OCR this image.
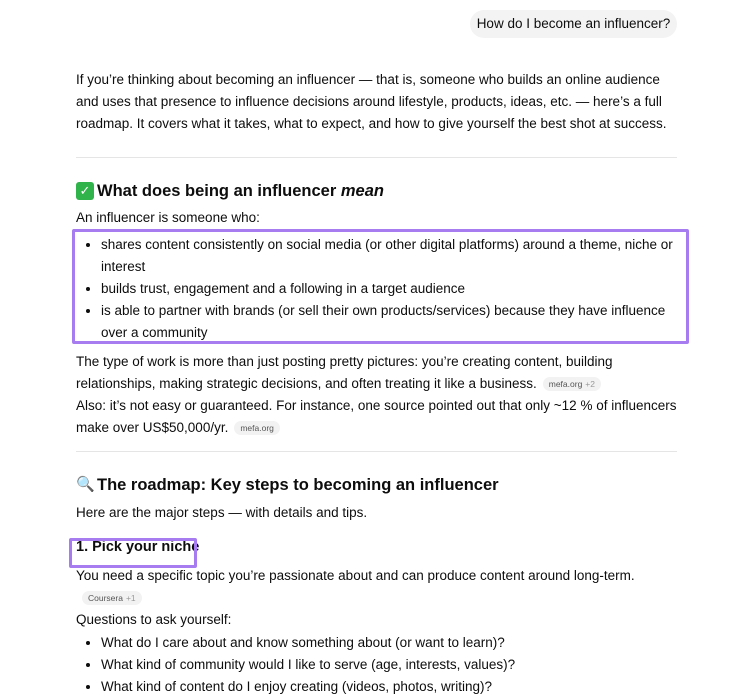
How do I become an influencer?

If you’re thinking about becoming an influencer — that is, someone who builds an online audience and uses that presence to influence decisions around lifestyle, products, ideas, etc. — here’s a full roadmap. It covers what it takes, what to expect, and how to give yourself the best shot at success.

✓ What does being an influencer mean

An influencer is someone who:

• shares content consistently on social media (or other digital platforms) around a theme, niche or interest
• builds trust, engagement and a following in a target audience
• is able to partner with brands (or sell their own products/services) because they have influence over a community

The type of work is more than just posting pretty pictures: you’re creating content, building relationships, making strategic decisions, and often treating it like a business. mefa.org +2

Also: it’s not easy or guaranteed. For instance, one source pointed out that only ~12 % of influencers make over US$50,000/yr. mefa.org

🔍 The roadmap: Key steps to becoming an influencer

Here are the major steps — with details and tips.

1. Pick your niche

You need a specific topic you’re passionate about and can produce content around long-term.Coursera +1

Questions to ask yourself:

• What do I care about and know something about (or want to learn)?
• What kind of community would I like to serve (age, interests, values)?
• What kind of content do I enjoy creating (videos, photos, writing)?
